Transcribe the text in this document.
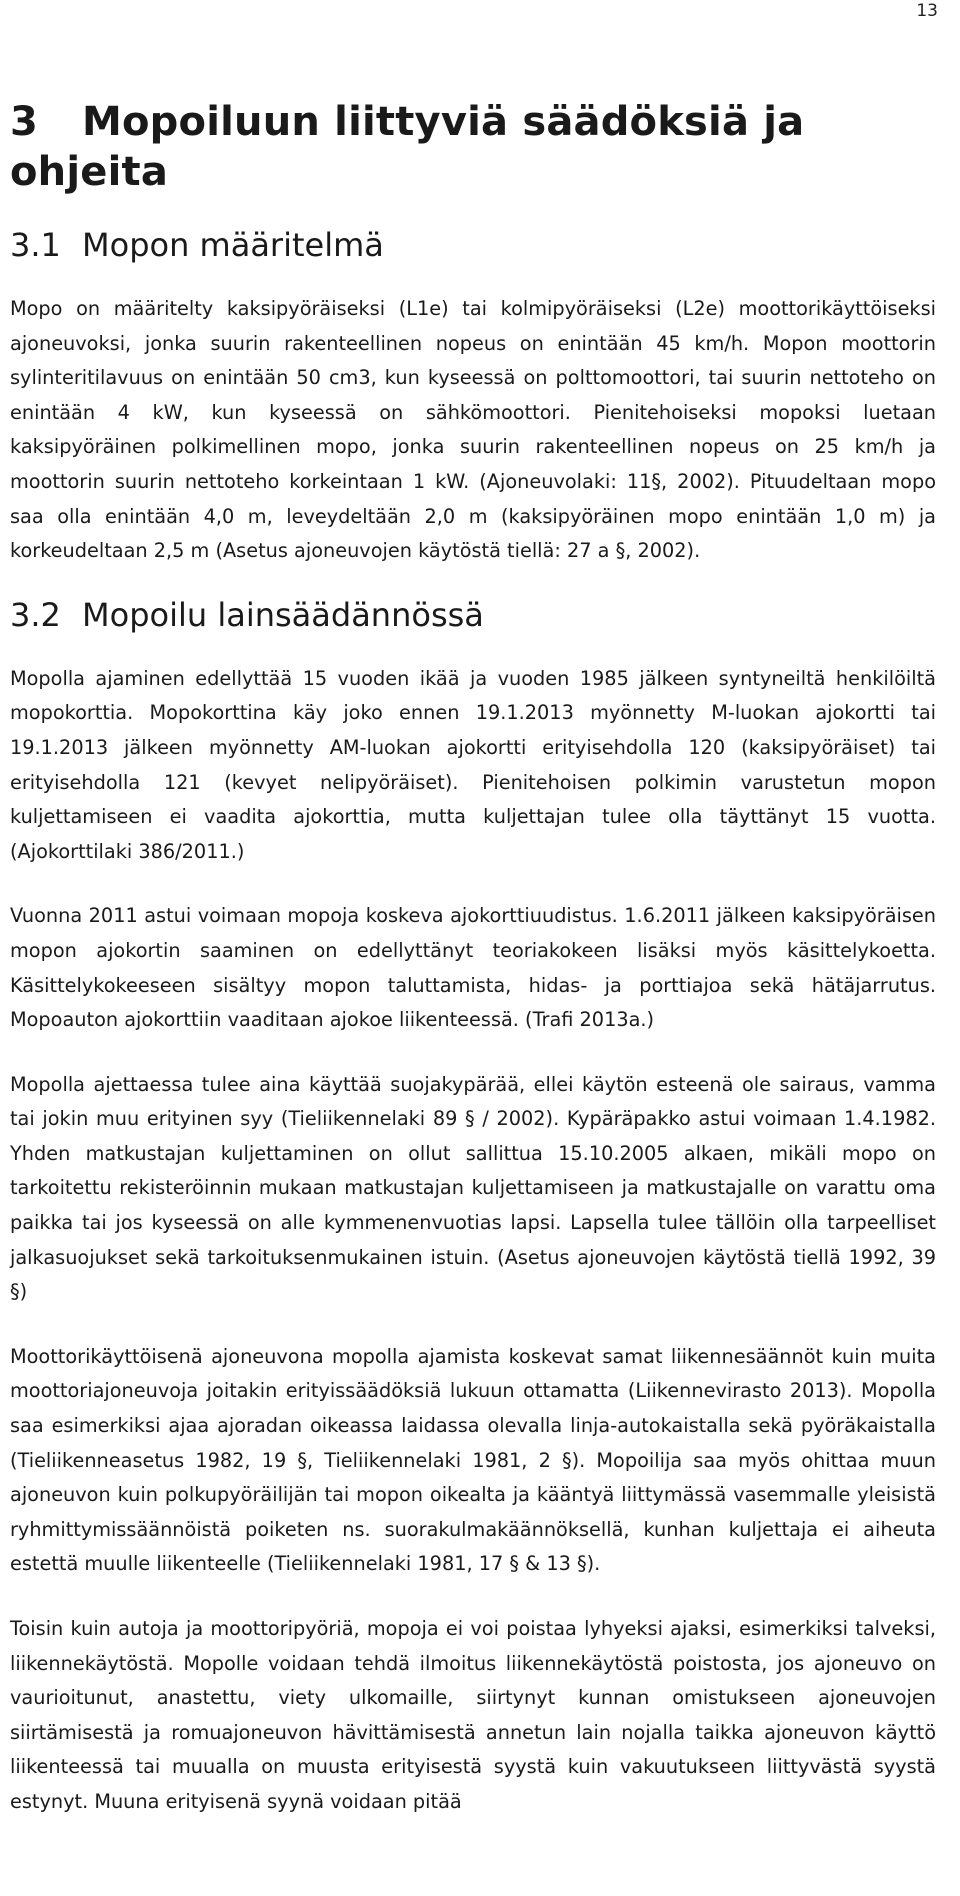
13
3 Mopoiluun liittyviä säädöksiä ja ohjeita
3.1 Mopon määritelmä

Mopo on määritelty kaksipyöräiseksi (L1e) tai kolmipyöräiseksi (L2e) moottorikäyttöiseksi ajoneuvoksi, jonka suurin rakenteellinen nopeus on enintään 45 km/h. Mopon moottorin sylinteritilavuus on enintään 50 cm3, kun kyseessä on polttomoottori, tai suurin nettoteho on enintään 4 kW, kun kyseessä on sähkömoottori. Pienitehoiseksi mopoksi luetaan kaksipyöräinen polkimellinen mopo, jonka suurin rakenteellinen nopeus on 25 km/h ja moottorin suurin nettoteho korkeintaan 1 kW. (Ajoneuvolaki: 11§, 2002). Pituudeltaan mopo saa olla enintään 4,0 m, leveydeltään 2,0 m (kaksipyöräinen mopo enintään 1,0 m) ja korkeudeltaan 2,5 m (Asetus ajoneuvojen käytöstä tiellä: 27 a §, 2002).

3.2 Mopoilu lainsäädännössä

Mopolla ajaminen edellyttää 15 vuoden ikää ja vuoden 1985 jälkeen syntyneiltä henkilöiltä mopokorttia. Mopokorttina käy joko ennen 19.1.2013 myönnetty M-luokan ajokortti tai 19.1.2013 jälkeen myönnetty AM-luokan ajokortti erityisehdolla 120 (kaksipyöräiset) tai erityisehdolla 121 (kevyet nelipyöräiset). Pienitehoisen polkimin varustetun mopon kuljettamiseen ei vaadita ajokorttia, mutta kuljettajan tulee olla täyttänyt 15 vuotta. (Ajokorttilaki 386/2011.)

Vuonna 2011 astui voimaan mopoja koskeva ajokorttiuudistus. 1.6.2011 jälkeen kaksipyöräisen mopon ajokortin saaminen on edellyttänyt teoriakokeen lisäksi myös käsittelykoetta. Käsittelykokeeseen sisältyy mopon taluttamista, hidas- ja porttiajoa sekä hätäjarrutus. Mopoauton ajokorttiin vaaditaan ajokoe liikenteessä. (Trafi 2013a.)

Mopolla ajettaessa tulee aina käyttää suojakypärää, ellei käytön esteenä ole sairaus, vamma tai jokin muu erityinen syy (Tieliikennelaki 89 § / 2002). Kypäräpakko astui voimaan 1.4.1982. Yhden matkustajan kuljettaminen on ollut sallittua 15.10.2005 alkaen, mikäli mopo on tarkoitettu rekisteröinnin mukaan matkustajan kuljettamiseen ja matkustajalle on varattu oma paikka tai jos kyseessä on alle kymmenenvuotias lapsi. Lapsella tulee tällöin olla tarpeelliset jalkasuojukset sekä tarkoituksenmukainen istuin. (Asetus ajoneuvojen käytöstä tiellä 1992, 39 §)

Moottorikäyttöisenä ajoneuvona mopolla ajamista koskevat samat liikennesäännöt kuin muita moottoriajoneuvoja joitakin erityissäädöksiä lukuun ottamatta (Liikennevirasto 2013). Mopolla saa esimerkiksi ajaa ajoradan oikeassa laidassa olevalla linja-autokaistalla sekä pyöräkaistalla (Tieliikenneasetus 1982, 19 §, Tieliikennelaki 1981, 2 §). Mopoilija saa myös ohittaa muun ajoneuvon kuin polkupyöräilijän tai mopon oikealta ja kääntyä liittymässä vasemmalle yleisistä ryhmittymissäännöistä poiketen ns. suorakulmakäännöksellä, kunhan kuljettaja ei aiheuta estettä muulle liikenteelle (Tieliikennelaki 1981, 17 § & 13 §).

Toisin kuin autoja ja moottoripyöriä, mopoja ei voi poistaa lyhyeksi ajaksi, esimerkiksi talveksi, liikennekäytöstä. Mopolle voidaan tehdä ilmoitus liikennekäytöstä poistosta, jos ajoneuvo on vaurioitunut, anastettu, viety ulkomaille, siirtynyt kunnan omistukseen ajoneuvojen siirtämisestä ja romuajoneuvon hävittämisestä annetun lain nojalla taikka ajoneuvon käyttö liikenteessä tai muualla on muusta erityisestä syystä kuin vakuutukseen liittyvästä syystä estynyt. Muuna erityisenä syynä voidaan pitää
